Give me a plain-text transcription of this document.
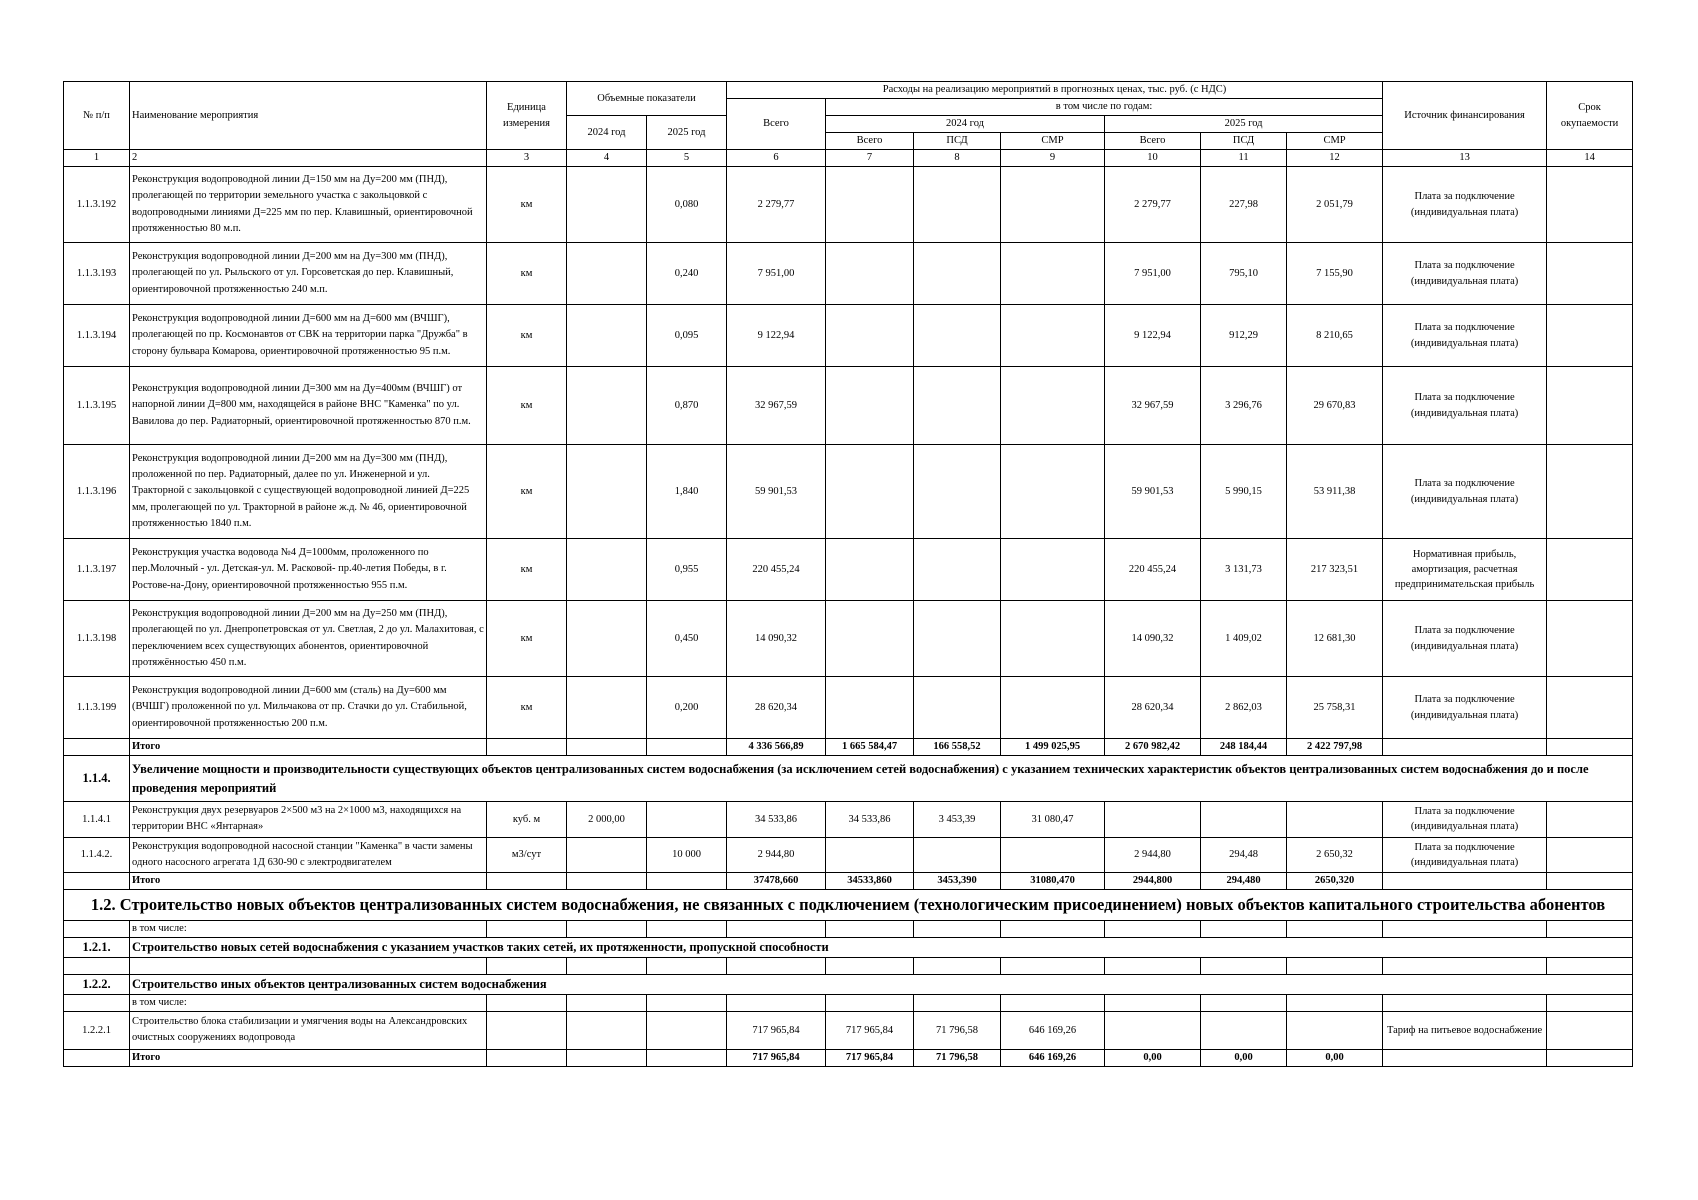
№ п/п	Наименование мероприятия	Единица измерения	Объемные показатели		Расходы на реализацию мероприятий в прогнозных ценах, тыс. руб. (с НДС)							Источник финансирования	Срок окупаемости
					Всего	в том числе по годам:							
			2024 год	2025 год		2024 год			2025 год				
						Всего	ПСД	СМР	Всего	ПСД	СМР		
1	2	3	4	5	6	7	8	9	10	11	12	13	14
1.1.3.192	Реконструкция водопроводной линии Д=150 мм на Ду=200 мм (ПНД), пролегающей по территории земельного участка с закольцовкой с водопроводными линиями Д=225 мм по пер. Клавишный, ориентировочной протяженностью 80 м.п.	км		0,080	2 279,77				2 279,77	227,98	2 051,79	Плата за подключение (индивидуальная плата)	
1.1.3.193	Реконструкция водопроводной линии Д=200 мм на Ду=300 мм (ПНД), пролегающей по ул. Рыльского от ул. Горсоветская до пер. Клавишный, ориентировочной протяженностью 240 м.п.	км		0,240	7 951,00				7 951,00	795,10	7 155,90	Плата за подключение (индивидуальная плата)	
1.1.3.194	Реконструкция водопроводной линии Д=600 мм на Д=600 мм (ВЧШГ), пролегающей по пр. Космонавтов от СВК на территории парка "Дружба" в сторону бульвара Комарова, ориентировочной протяженностью 95 п.м.	км		0,095	9 122,94				9 122,94	912,29	8 210,65	Плата за подключение (индивидуальная плата)	
1.1.3.195	Реконструкция водопроводной линии Д=300 мм на Ду=400мм (ВЧШГ) от напорной линии Д=800 мм, находящейся в районе ВНС "Каменка" по ул. Вавилова до пер. Радиаторный, ориентировочной протяженностью 870 п.м.	км		0,870	32 967,59				32 967,59	3 296,76	29 670,83	Плата за подключение (индивидуальная плата)	
1.1.3.196	Реконструкция водопроводной линии Д=200 мм на Ду=300 мм (ПНД), проложенной по пер. Радиаторный, далее по ул. Инженерной и ул. Тракторной с закольцовкой с существующей водопроводной линией Д=225 мм, пролегающей по ул. Тракторной в районе ж.д. № 46, ориентировочной протяженностью 1840 п.м.	км		1,840	59 901,53				59 901,53	5 990,15	53 911,38	Плата за подключение (индивидуальная плата)	
1.1.3.197	Реконструкция участка водовода №4 Д=1000мм, проложенного по пер.Молочный - ул. Детская-ул. М. Расковой- пр.40-летия Победы, в г. Ростове-на-Дону, ориентировочной протяженностью 955 п.м.	км		0,955	220 455,24				220 455,24	3 131,73	217 323,51	Нормативная прибыль, амортизация, расчетная предпринимательская прибыль	
1.1.3.198	Реконструкция водопроводной линии Д=200 мм на Ду=250 мм (ПНД), пролегающей по ул. Днепропетровская от ул. Светлая, 2 до ул. Малахитовая, с переключением всех существующих абонентов, ориентировочной протяжённостью 450 п.м.	км		0,450	14 090,32				14 090,32	1 409,02	12 681,30	Плата за подключение (индивидуальная плата)	
1.1.3.199	Реконструкция водопроводной линии Д=600 мм (сталь) на Ду=600 мм (ВЧШГ) проложенной по ул. Мильчакова от пр. Стачки до ул. Стабильной, ориентировочной протяженностью 200 п.м.	км		0,200	28 620,34				28 620,34	2 862,03	25 758,31	Плата за подключение (индивидуальная плата)	
	Итого				4 336 566,89	1 665 584,47	166 558,52	1 499 025,95	2 670 982,42	248 184,44	2 422 797,98		
1.1.4.	Увеличение мощности и производительности существующих объектов централизованных систем водоснабжения (за исключением сетей водоснабжения) с указанием технических характеристик объектов централизованных систем водоснабжения до и после проведения мероприятий												
1.1.4.1	Реконструкция двух резервуаров 2×500 м3 на 2×1000 м3, находящихся на территории ВНС «Янтарная»	куб. м	2 000,00		34 533,86	34 533,86	3 453,39	31 080,47				Плата за подключение (индивидуальная плата)	
1.1.4.2.	Реконструкция водопроводной насосной станции "Каменка" в части замены одного насосного агрегата 1Д 630-90 с электродвигателем	м3/сут		10 000	2 944,80				2 944,80	294,48	2 650,32	Плата за подключение (индивидуальная плата)	
	Итого				37478,660	34533,860	3453,390	31080,470	2944,800	294,480	2650,320		
1.2. Строительство новых объектов централизованных систем водоснабжения, не связанных с подключением (технологическим присоединением) новых объектов капитального строительства абонентов													
	в том числе:												
1.2.1.	Строительство новых сетей водоснабжения с указанием участков таких сетей, их протяженности, пропускной способности												

1.2.2.	Строительство иных объектов централизованных систем водоснабжения												
	в том числе:												
1.2.2.1	Строительство блока стабилизации и умягчения воды на Александровских очистных сооружениях водопровода				717 965,84	717 965,84	71 796,58	646 169,26				Тариф на питьевое водоснабжение	
	Итого				717 965,84	717 965,84	71 796,58	646 169,26	0,00	0,00	0,00		
